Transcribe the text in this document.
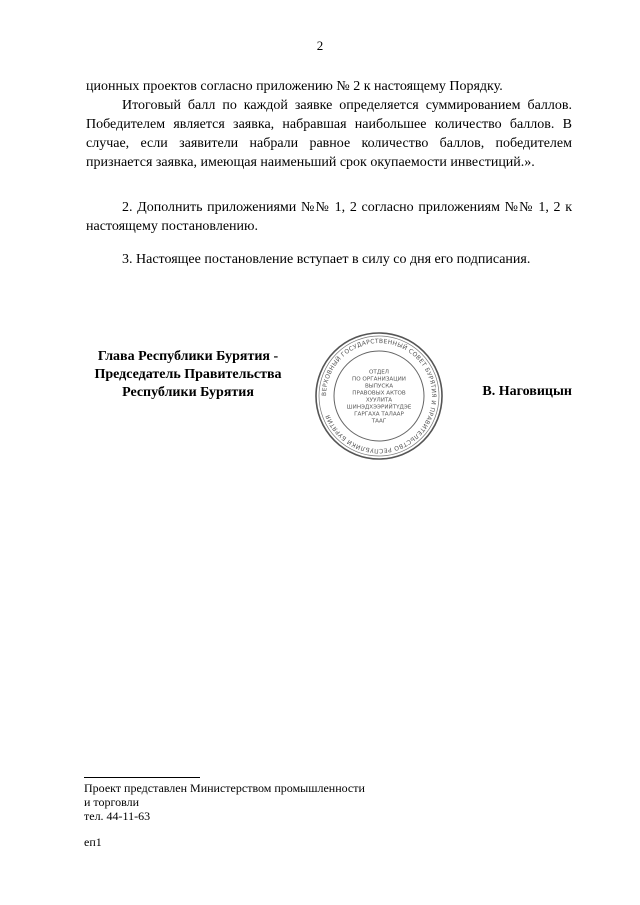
2
ционных проектов согласно приложению № 2 к настоящему Порядку.
Итоговый балл по каждой заявке определяется суммированием баллов. Победителем является заявка, набравшая наибольшее количество баллов. В случае, если заявители набрали равное количество баллов, победителем признается заявка, имеющая наименьший срок окупаемости инвестиций.».
2. Дополнить приложениями №№ 1, 2 согласно приложениям №№ 1, 2 к настоящему постановлению.
3. Настоящее постановление вступает в силу со дня его подписания.
Глава Республики Бурятия -
Председатель Правительства
Республики Бурятия	ВЕРХОВНЫЙ ГОСУДАРСТВЕННЫЙ СОВЕТ БУРЯТИЯ И ПРАВИТЕЛЬСТВО РЕСПУБЛИКИ БУРЯТИЯ
ОТДЕЛ
ПО ОРГАНИЗАЦИИ
ВЫПУСКА
ПРАВОВЫХ АКТОВ
ХУУЛИТА
ШИНЭДХЭЭРИЙТҮДЭЕ
ГАРГАХА ТАЛААР
ТААГ
В. Наговицын
Проект представлен Министерством промышленности
и торговли
тел. 44-11-63
еп1
